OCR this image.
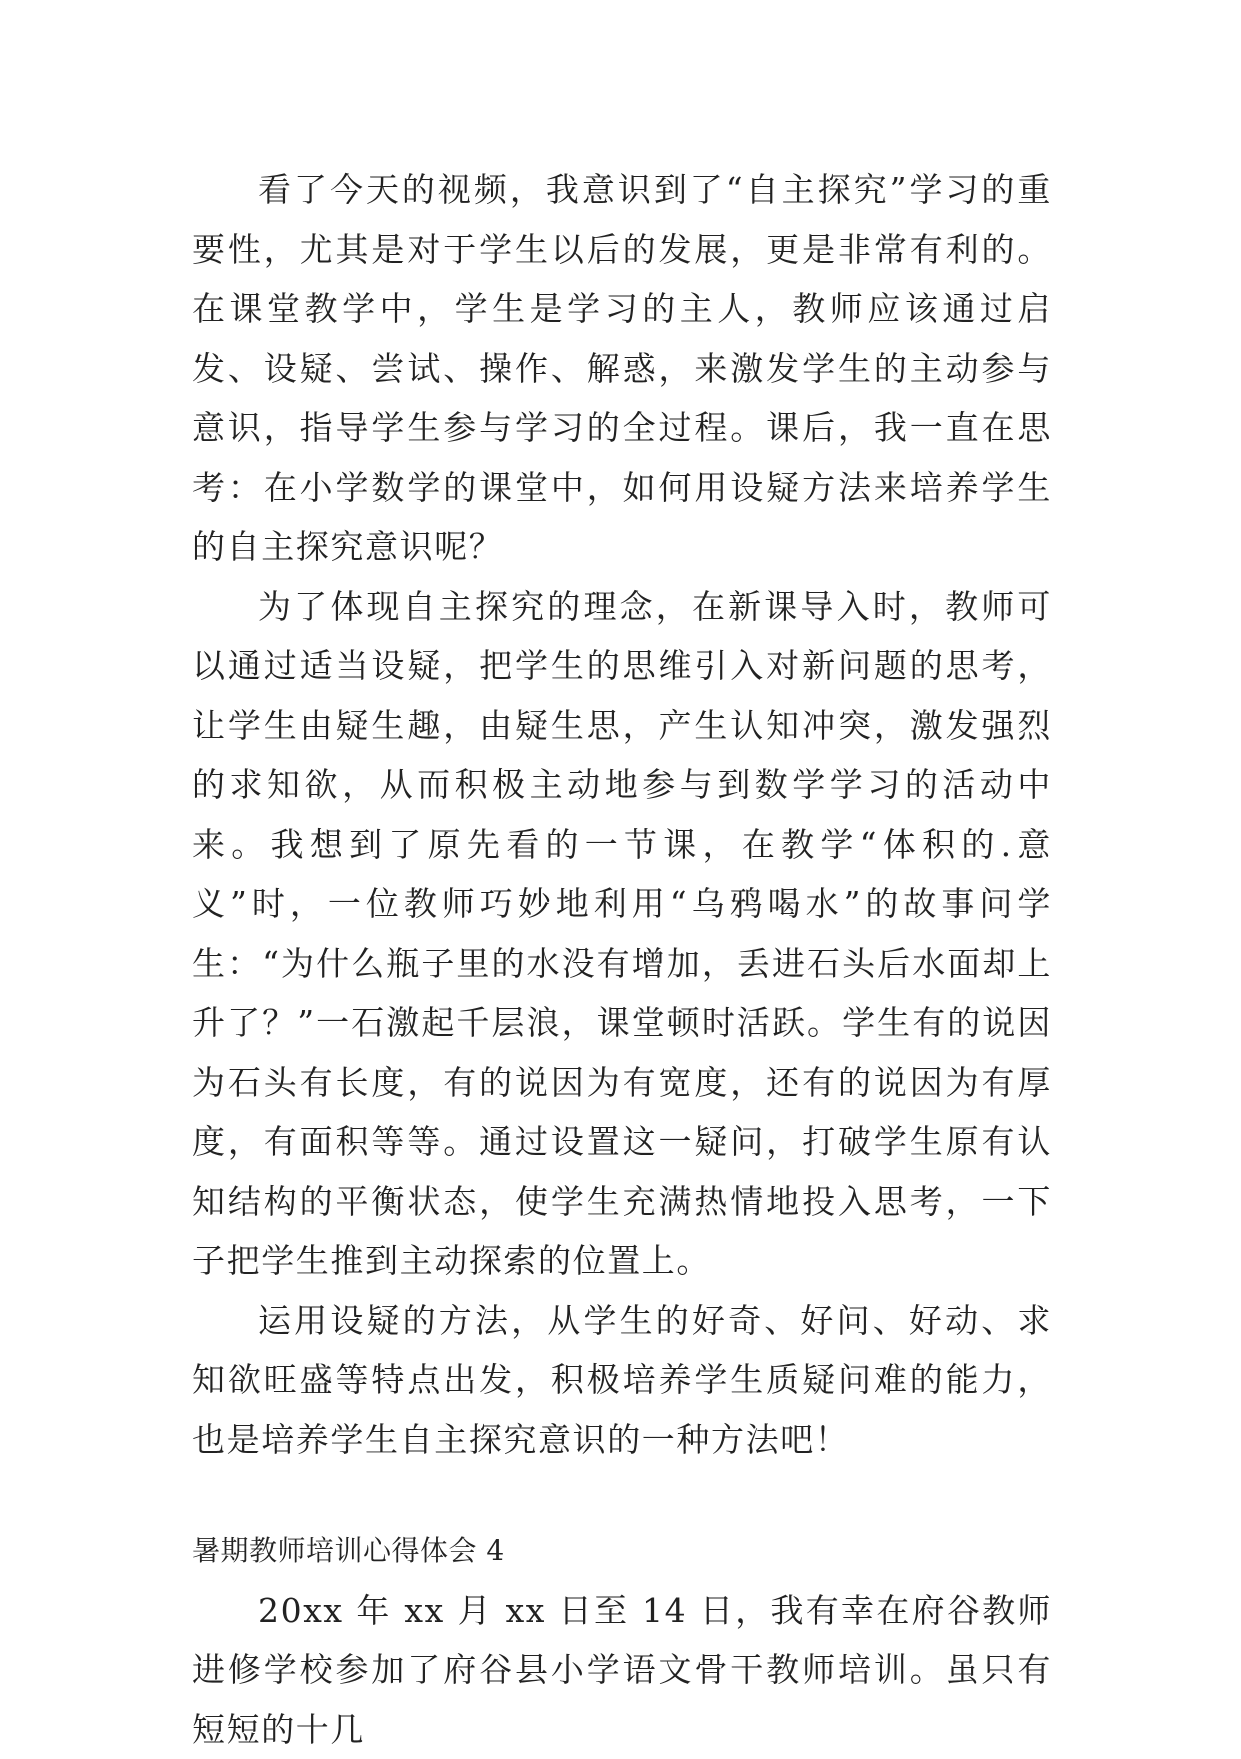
看了今天的视频，我意识到了“自主探究”学习的重要性，尤其是对于学生以后的发展，更是非常有利的。在课堂教学中，学生是学习的主人，教师应该通过启发、设疑、尝试、操作、解惑，来激发学生的主动参与意识，指导学生参与学习的全过程。课后，我一直在思考：在小学数学的课堂中，如何用设疑方法来培养学生的自主探究意识呢？

为了体现自主探究的理念，在新课导入时，教师可以通过适当设疑，把学生的思维引入对新问题的思考，让学生由疑生趣，由疑生思，产生认知冲突，激发强烈的求知欲，从而积极主动地参与到数学学习的活动中来。我想到了原先看的一节课，在教学“体积的.意义”时，一位教师巧妙地利用“乌鸦喝水”的故事问学生：“为什么瓶子里的水没有增加，丢进石头后水面却上升了？”一石激起千层浪，课堂顿时活跃。学生有的说因为石头有长度，有的说因为有宽度，还有的说因为有厚度，有面积等等。通过设置这一疑问，打破学生原有认知结构的平衡状态，使学生充满热情地投入思考，一下子把学生推到主动探索的位置上。

运用设疑的方法，从学生的好奇、好问、好动、求知欲旺盛等特点出发，积极培养学生质疑问难的能力，也是培养学生自主探究意识的一种方法吧！

暑期教师培训心得体会 4

20xx 年 xx 月 xx 日至 14 日，我有幸在府谷教师进修学校参加了府谷县小学语文骨干教师培训。虽只有短短的十几
